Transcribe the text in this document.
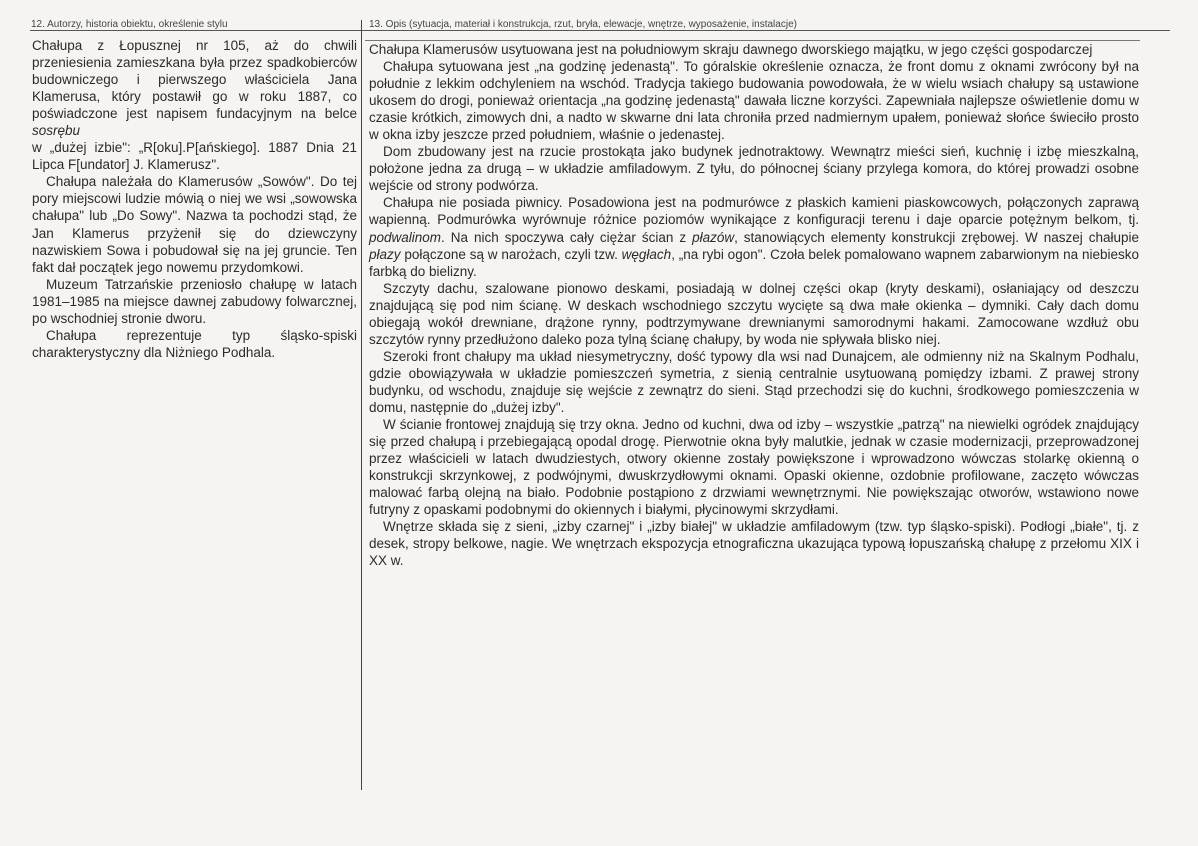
12. Autorzy, historia obiektu, określenie stylu	13. Opis (sytuacja, materiał i konstrukcja, rzut, bryła, elewacje, wnętrze, wyposażenie, instalacje)

Chałupa z Łopusznej nr 105, aż do chwili przeniesienia zamieszkana była przez spadkobierców budowniczego i pierwszego właściciela Jana Klamerusa, który postawił go w roku 1887, co poświadczone jest napisem fundacyjnym na belce sosrębu
w „dużej izbie": „R[oku].P[ańskiego]. 1887 Dnia 21 Lipca F[undator] J. Klamerusz".

Chałupa należała do Klamerusów „Sowów". Do tej pory miejscowi ludzie mówią o niej we wsi „sowowska chałupa" lub „Do Sowy". Nazwa ta pochodzi stąd, że Jan Klamerus przyżenił się do dziewczyny nazwiskiem Sowa i pobudował się na jej gruncie. Ten fakt dał początek jego nowemu przydomkowi.

Muzeum Tatrzańskie przeniosło chałupę w latach 1981–1985 na miejsce dawnej zabudowy folwarcznej, po wschodniej stronie dworu.

Chałupa reprezentuje typ śląsko-spiski charakterystyczny dla Niżniego Podhala.

Chałupa Klamerusów usytuowana jest na południowym skraju dawnego dworskiego majątku, w jego części gospodarczej

Chałupa sytuowana jest „na godzinę jedenastą". To góralskie określenie oznacza, że front domu z oknami zwrócony był na południe z lekkim odchyleniem na wschód. Tradycja takiego budowania powodowała, że w wielu wsiach chałupy są ustawione ukosem do drogi, ponieważ orientacja „na godzinę jedenastą" dawała liczne korzyści. Zapewniała najlepsze oświetlenie domu w czasie krótkich, zimowych dni, a nadto w skwarne dni lata chroniła przed nadmiernym upałem, ponieważ słońce świeciło prosto w okna izby jeszcze przed południem, właśnie o jedenastej.

Dom zbudowany jest na rzucie prostokąta jako budynek jednotraktowy. Wewnątrz mieści sień, kuchnię i izbę mieszkalną, położone jedna za drugą – w układzie amfiladowym. Z tyłu, do północnej ściany przylega komora, do której prowadzi osobne wejście od strony podwórza.

Chałupa nie posiada piwnicy. Posadowiona jest na podmurówce z płaskich kamieni piaskowcowych, połączonych zaprawą wapienną. Podmurówka wyrównuje różnice poziomów wynikające z konfiguracji terenu i daje oparcie potężnym belkom, tj. podwalinom. Na nich spoczywa cały ciężar ścian z płazów, stanowiących elementy konstrukcji zrębowej. W naszej chałupie płazy połączone są w narożach, czyli tzw. węgłach, „na rybi ogon". Czoła belek pomalowano wapnem zabarwionym na niebiesko farbką do bielizny.

Szczyty dachu, szalowane pionowo deskami, posiadają w dolnej części okap (kryty deskami), osłaniający od deszczu znajdującą się pod nim ścianę. W deskach wschodniego szczytu wycięte są dwa małe okienka – dymniki. Cały dach domu obiegają wokół drewniane, drążone rynny, podtrzymywane drewnianymi samorodnymi hakami. Zamocowane wzdłuż obu szczytów rynny przedłużono daleko poza tylną ścianę chałupy, by woda nie spływała blisko niej.

Szeroki front chałupy ma układ niesymetryczny, dość typowy dla wsi nad Dunajcem, ale odmienny niż na Skalnym Podhalu, gdzie obowiązywała w układzie pomieszczeń symetria, z sienią centralnie usytuowaną pomiędzy izbami. Z prawej strony budynku, od wschodu, znajduje się wejście z zewnątrz do sieni. Stąd przechodzi się do kuchni, środkowego pomieszczenia w domu, następnie do „dużej izby".

W ścianie frontowej znajdują się trzy okna. Jedno od kuchni, dwa od izby – wszystkie „patrzą" na niewielki ogródek znajdujący się przed chałupą i przebiegającą opodal drogę. Pierwotnie okna były malutkie, jednak w czasie modernizacji, przeprowadzonej przez właścicieli w latach dwudziestych, otwory okienne zostały powiększone i wprowadzono wówczas stolarkę okienną o konstrukcji skrzynkowej, z podwójnymi, dwuskrzydłowymi oknami. Opaski okienne, ozdobnie profilowane, zaczęto wówczas malować farbą olejną na biało. Podobnie postąpiono z drzwiami wewnętrznymi. Nie powiększając otworów, wstawiono nowe futryny z opaskami podobnymi do okiennych i białymi, płycinowymi skrzydłami.

Wnętrze składa się z sieni, „izby czarnej" i „izby białej" w układzie amfiladowym (tzw. typ śląsko-spiski). Podłogi „białe", tj. z desek, stropy belkowe, nagie. We wnętrzach ekspozycja etnograficzna ukazująca typową łopuszańską chałupę z przełomu XIX i XX w.
